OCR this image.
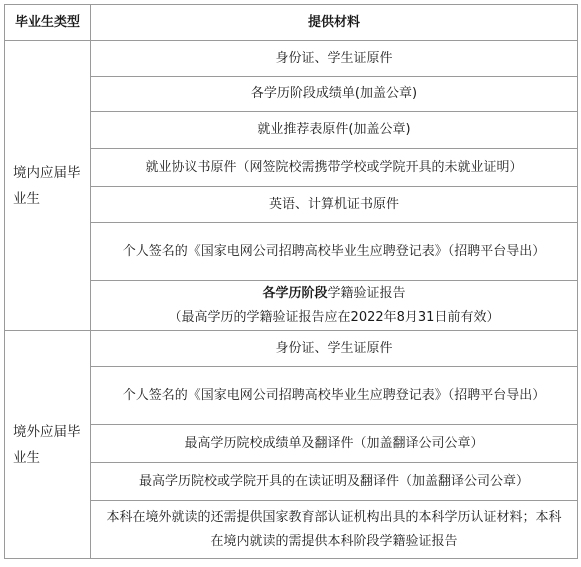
毕业生类型	提供材料
境内应届毕业生	身份证、学生证原件
	各学历阶段成绩单(加盖公章)
	就业推荐表原件(加盖公章)
	就业协议书原件（网签院校需携带学校或学院开具的未就业证明）
	英语、计算机证书原件
	个人签名的《国家电网公司招聘高校毕业生应聘登记表》（招聘平台导出）
	各学历阶段学籍验证报告
（最高学历的学籍验证报告应在2022年8月31日前有效）
境外应届毕业生	身份证、学生证原件
	个人签名的《国家电网公司招聘高校毕业生应聘登记表》（招聘平台导出）
	最高学历院校成绩单及翻译件（加盖翻译公司公章）
	最高学历院校或学院开具的在读证明及翻译件（加盖翻译公司公章）
	本科在境外就读的还需提供国家教育部认证机构出具的本科学历认证材料；本科在境内就读的需提供本科阶段学籍验证报告
